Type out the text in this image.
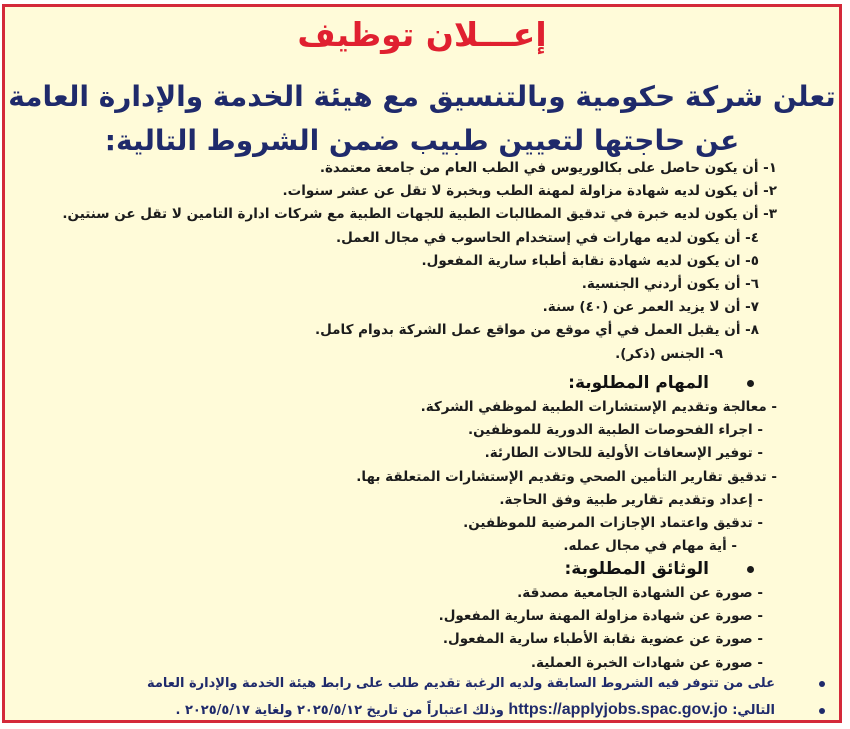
إعـــلان توظيف
تعلن شركة حكومية وبالتنسيق مع هيئة الخدمة والإدارة العامة
عن حاجتها لتعيين طبيب ضمن الشروط التالية:
١- أن يكون حاصل على بكالوريوس في الطب العام من جامعة معتمدة.
٢- أن يكون لديه شهادة مزاولة لمهنة الطب وبخبرة لا تقل عن عشر سنوات.
٣- أن يكون لديه خبرة في تدقيق المطالبات الطبية للجهات الطبية مع شركات ادارة التامين لا تقل عن سنتين.
٤- أن يكون لديه مهارات في إستخدام الحاسوب في مجال العمل.
٥- ان يكون لديه شهادة نقابة أطباء سارية المفعول.
٦- أن يكون أردني الجنسية.
٧- أن لا يزيد العمر عن (٤٠) سنة.
٨- أن يقبل العمل في أي موقع من مواقع عمل الشركة بدوام كامل.
٩- الجنس (ذكر).
المهام المطلوبة:
- معالجة وتقديم الإستشارات الطبية لموظفي الشركة.
- اجراء الفحوصات الطبية الدورية للموظفين.
- توفير الإسعافات الأولية للحالات الطارئة.
- تدقيق تقارير التأمين الصحي وتقديم الإستشارات المتعلقة بها.
- إعداد وتقديم تقارير طبية وفق الحاجة.
- تدقيق واعتماد الإجازات المرضية للموظفين.
- أية مهام في مجال عمله.
الوثائق المطلوبة:
- صورة عن الشهادة الجامعية مصدقة.
- صورة عن شهادة مزاولة المهنة سارية المفعول.
- صورة عن عضوية نقابة الأطباء سارية المفعول.
- صورة عن شهادات الخبرة العملية.
على من تتوفر فيه الشروط السابقة ولديه الرغبة تقديم طلب على رابط هيئة الخدمة والإدارة العامة
التالي: https://applyjobs.spac.gov.jo وذلك اعتباراً من تاريخ ٢٠٢٥/٥/١٢ ولغاية ٢٠٢٥/٥/١٧ .
